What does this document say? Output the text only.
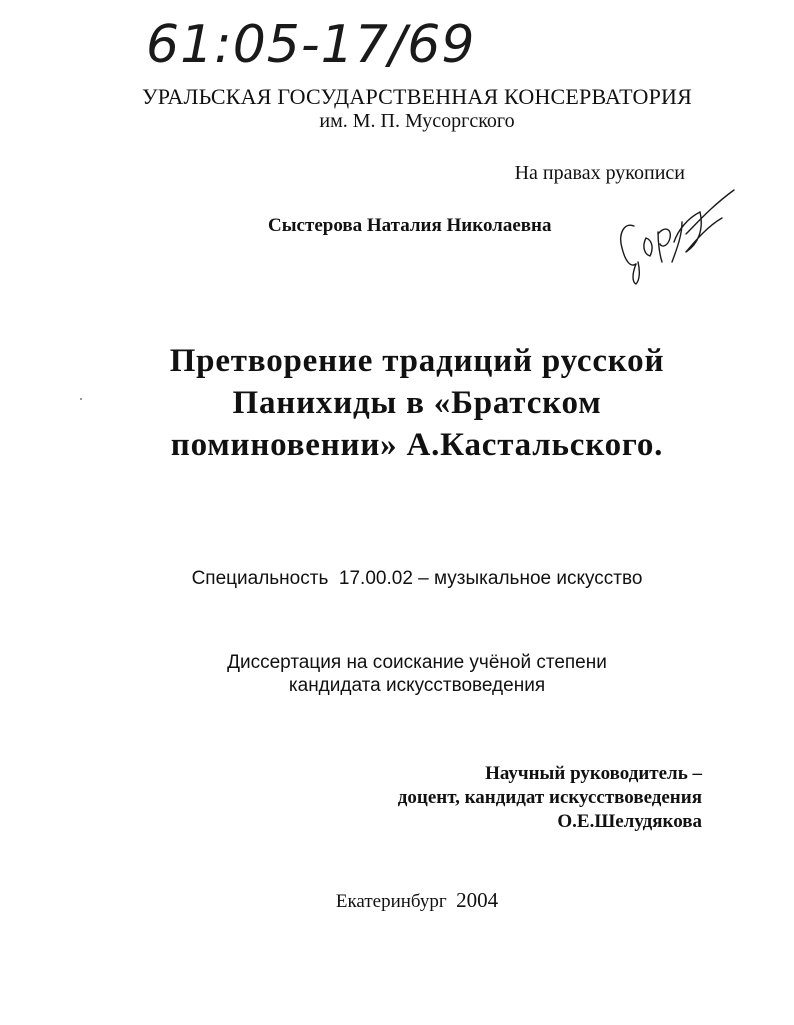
61:05-17/69
УРАЛЬСКАЯ ГОСУДАРСТВЕННАЯ КОНСЕРВАТОРИЯ
им. М. П. Мусоргского
На правах рукописи
Сыстерова Наталия Николаевна
Претворение традиций русской
Панихиды в «Братском
поминовении» А.Кастальского.
Специальность 17.00.02 – музыкальное искусство
Диссертация на соискание учёной степени
кандидата искусствоведения
Научный руководитель –
доцент, кандидат искусствоведения
О.Е.Шелудякова
Екатеринбург 2004
